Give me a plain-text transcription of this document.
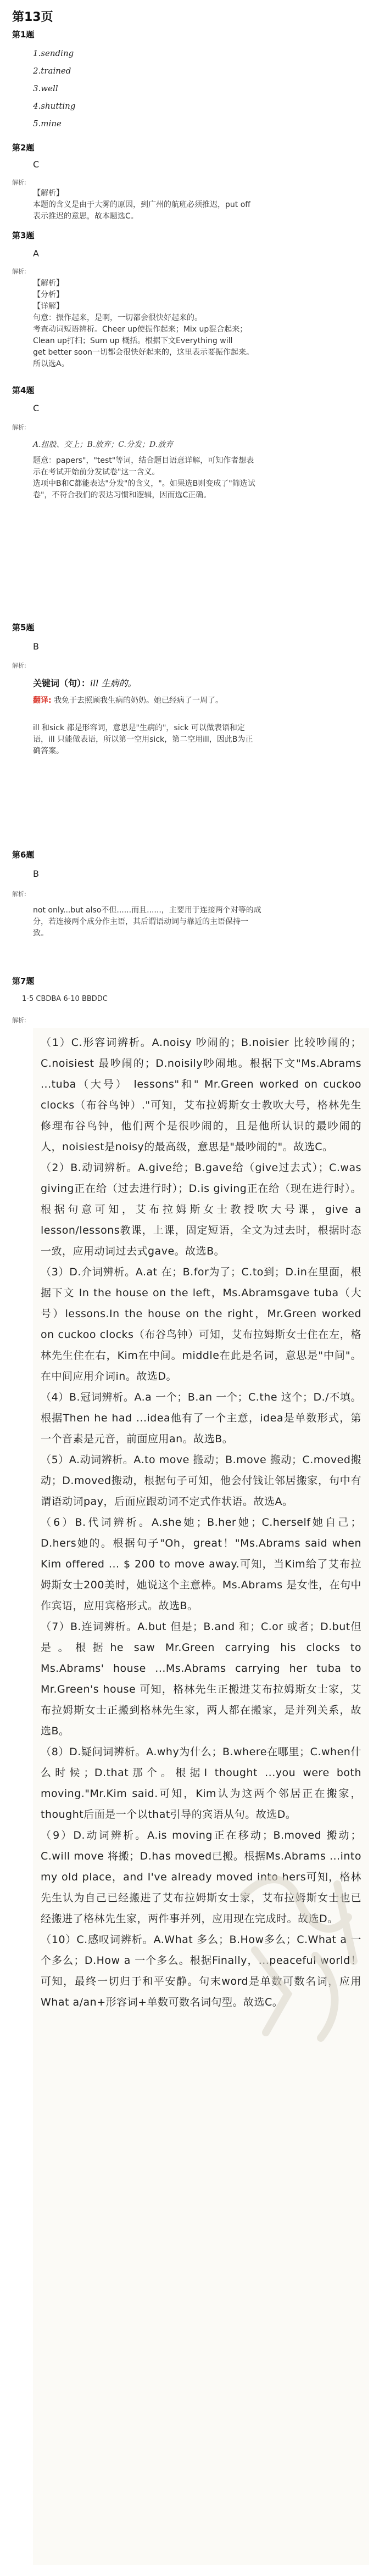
第13页
第1题
1.sending
2.trained
3.well
4.shutting
5.mine
第2题
C
解析:
【解析】
本题的含义是由于大雾的原因，到广州的航班必须推迟，put off
表示推迟的意思，故本题选C。
第3题
A
解析:
【解析】
【分析】
【详解】
句意：振作起来，是啊，一切都会很快好起来的。
考查动词短语辨析。Cheer up使振作起来；Mix up混合起来；
Clean up打扫；Sum up 概括。根据下文Everything will
get better soon一切都会很快好起来的，这里表示要振作起来。
所以选A。
第4题
C
解析:
A.扭股、交上；B.放弃；C.分发；D.放弃
题意：papers"，"test"等词，结合题目语意详解，可知作者想表
示在考试开始前分发试卷"这一含义。
选项中B和C都能表达"分发"的含义，"。如果选B则变成了"筛选试
卷"，不符合我们的表达习惯和逻辑，因而选C正确。
第5题
B
解析:
关键词（句）：ill 生病的。
翻译: 我免于去照顾我生病的奶奶。她已经病了一周了。
ill 和sick 都是形容词，意思是"生病的"，sick 可以做表语和定
语，ill 只能做表语，所以第一空用sick，第二空用ill，因此B为正
确答案。
第6题
B
解析:
not only...but also不但......而且......，主要用于连接两个对等的成
分，若连接两个成分作主语，其后谓语动词与靠近的主语保持一
致。
第7题
1-5 CBDBA 6-10 BBDDC
解析:

（1）C.形容词辨析。A.noisy 吵闹的；B.noisier 比较吵闹的；C.noisiest 最吵闹的；D.noisily吵闹地。根据下文"Ms.Abrams ...tuba（大号） lessons"和" Mr.Green worked on cuckoo clocks（布谷鸟钟）."可知，艾布拉姆斯女士教吹大号，格林先生修理布谷鸟钟，他们两个是很吵闹的，且是他所认识的最吵闹的人，noisiest是noisy的最高级，意思是"最吵闹的"。故选C。

（2）B.动词辨析。A.give给；B.gave给（give过去式）；C.was giving正在给（过去进行时）；D.is giving正在给（现在进行时）。根据句意可知，艾布拉姆斯女士教授吹大号课，give a lesson/lessons教课，上课，固定短语，全文为过去时，根据时态一致，应用动词过去式gave。故选B。

（3）D.介词辨析。A.at 在；B.for为了；C.to到；D.in在里面，根据下文 In the house on the left，Ms.Abramsgave tuba（大号）lessons.In the house on the right，Mr.Green worked on cuckoo clocks（布谷鸟钟）可知，艾布拉姆斯女士住在左，格林先生住在右，Kim在中间。middle在此是名词，意思是"中间"。在中间应用介词in。故选D。

（4）B.冠词辨析。A.a 一个；B.an 一个；C.the 这个；D./不填。根据Then he had ...idea他有了一个主意，idea是单数形式，第一个音素是元音，前面应用an。故选B。

（5）A.动词辨析。A.to move 搬动；B.move 搬动；C.moved搬动；D.moved搬动，根据句子可知，他会付钱让邻居搬家，句中有谓语动词pay，后面应跟动词不定式作状语。故选A。

（6）B.代词辨析。A.she她；B.her她；C.herself她自己；D.hers她的。根据句子"Oh，great！"Ms.Abrams said when Kim offered ... $ 200 to move away.可知，当Kim给了艾布拉姆斯女士200美时，她说这个主意棒。Ms.Abrams 是女性，在句中作宾语，应用宾格形式。故选B。

（7）B.连词辨析。A.but 但是；B.and 和；C.or 或者；D.but但是。根据he saw Mr.Green carrying his clocks to Ms.Abrams' house ...Ms.Abrams carrying her tuba to Mr.Green's house 可知，格林先生正搬进艾布拉姆斯女士家，艾布拉姆斯女士正搬到格林先生家，两人都在搬家，是并列关系，故选B。

（8）D.疑问词辨析。A.why为什么；B.where在哪里；C.when什么时候；D.that那个。根据I thought ...you were both moving."Mr.Kim said.可知，Kim认为这两个邻居正在搬家，thought后面是一个以that引导的宾语从句。故选D。

（9）D.动词辨析。A.is moving正在移动；B.moved 搬动；C.will move 将搬；D.has moved已搬。根据Ms.Abrams ...into my old place，and I've already moved into hers可知，格林先生认为自己已经搬进了艾布拉姆斯女士家，艾布拉姆斯女士也已经搬进了格林先生家，两件事并列，应用现在完成时。故选D。

（10）C.感叹词辨析。A.What 多么；B.How多么；C.What a 一个多么；D.How a 一个多么。根据Finally，...peaceful world！可知，最终一切归于和平安静。句末word是单数可数名词，应用What a/an+形容词+单数可数名词句型。故选C。
